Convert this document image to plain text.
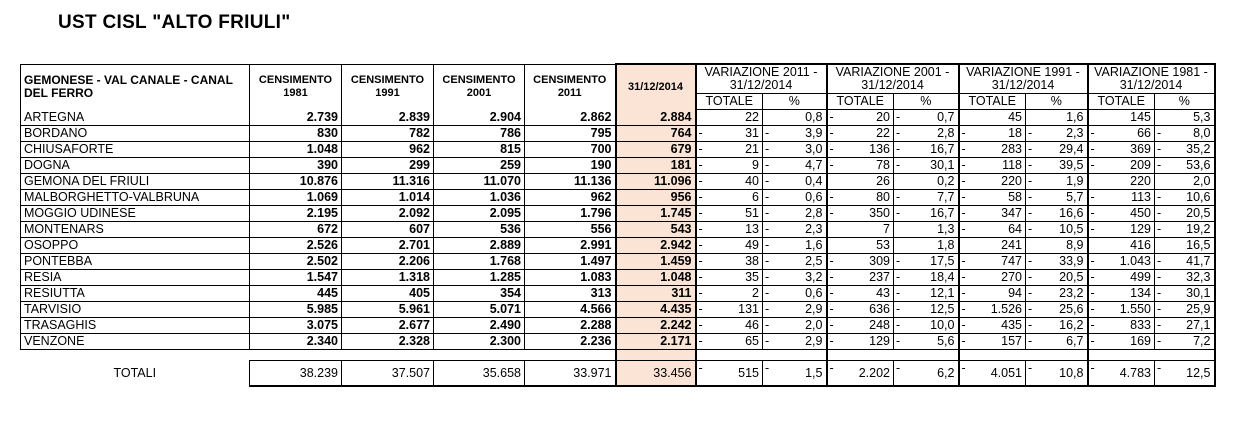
UST CISL "ALTO FRIULI"
GEMONESE - VAL CANALE - CANAL DEL FERRO	CENSIMENTO 1981	CENSIMENTO 1991	CENSIMENTO 2001	CENSIMENTO 2011	31/12/2014	VARIAZIONE 2011 - 31/12/2014		VARIAZIONE 2001 - 31/12/2014		VARIAZIONE 1991 - 31/12/2014		VARIAZIONE 1981 - 31/12/2014	
						TOTALE	%	TOTALE	%	TOTALE	%	TOTALE	%
ARTEGNA	2.739	2.839	2.904	2.862	2.884	22	0,8	- 20	- 0,7	45	1,6	145	5,3
BORDANO	830	782	786	795	764	- 31	- 3,9	- 22	- 2,8	- 18	- 2,3	- 66	- 8,0
CHIUSAFORTE	1.048	962	815	700	679	- 21	- 3,0	- 136	- 16,7	- 283	- 29,4	- 369	- 35,2
DOGNA	390	299	259	190	181	- 9	- 4,7	- 78	- 30,1	- 118	- 39,5	- 209	- 53,6
GEMONA DEL FRIULI	10.876	11.316	11.070	11.136	11.096	- 40	- 0,4	26	0,2	- 220	- 1,9	220	2,0
MALBORGHETTO-VALBRUNA	1.069	1.014	1.036	962	956	- 6	- 0,6	- 80	- 7,7	- 58	- 5,7	- 113	- 10,6
MOGGIO UDINESE	2.195	2.092	2.095	1.796	1.745	- 51	- 2,8	- 350	- 16,7	- 347	- 16,6	- 450	- 20,5
MONTENARS	672	607	536	556	543	- 13	- 2,3	7	1,3	- 64	- 10,5	- 129	- 19,2
OSOPPO	2.526	2.701	2.889	2.991	2.942	- 49	- 1,6	53	1,8	241	8,9	416	16,5
PONTEBBA	2.502	2.206	1.768	1.497	1.459	- 38	- 2,5	- 309	- 17,5	- 747	- 33,9	- 1.043	- 41,7
RESIA	1.547	1.318	1.285	1.083	1.048	- 35	- 3,2	- 237	- 18,4	- 270	- 20,5	- 499	- 32,3
RESIUTTA	445	405	354	313	311	- 2	- 0,6	- 43	- 12,1	- 94	- 23,2	- 134	- 30,1
TARVISIO	5.985	5.961	5.071	4.566	4.435	- 131	- 2,9	- 636	- 12,5	- 1.526	- 25,6	- 1.550	- 25,9
TRASAGHIS	3.075	2.677	2.490	2.288	2.242	- 46	- 2,0	- 248	- 10,0	- 435	- 16,2	- 833	- 27,1
VENZONE	2.340	2.328	2.300	2.236	2.171	- 65	- 2,9	- 129	- 5,6	- 157	- 6,7	- 169	- 7,2

TOTALI	38.239	37.507	35.658	33.971	33.456	- 515	- 1,5	- 2.202	- 6,2	- 4.051	- 10,8	- 4.783	- 12,5
